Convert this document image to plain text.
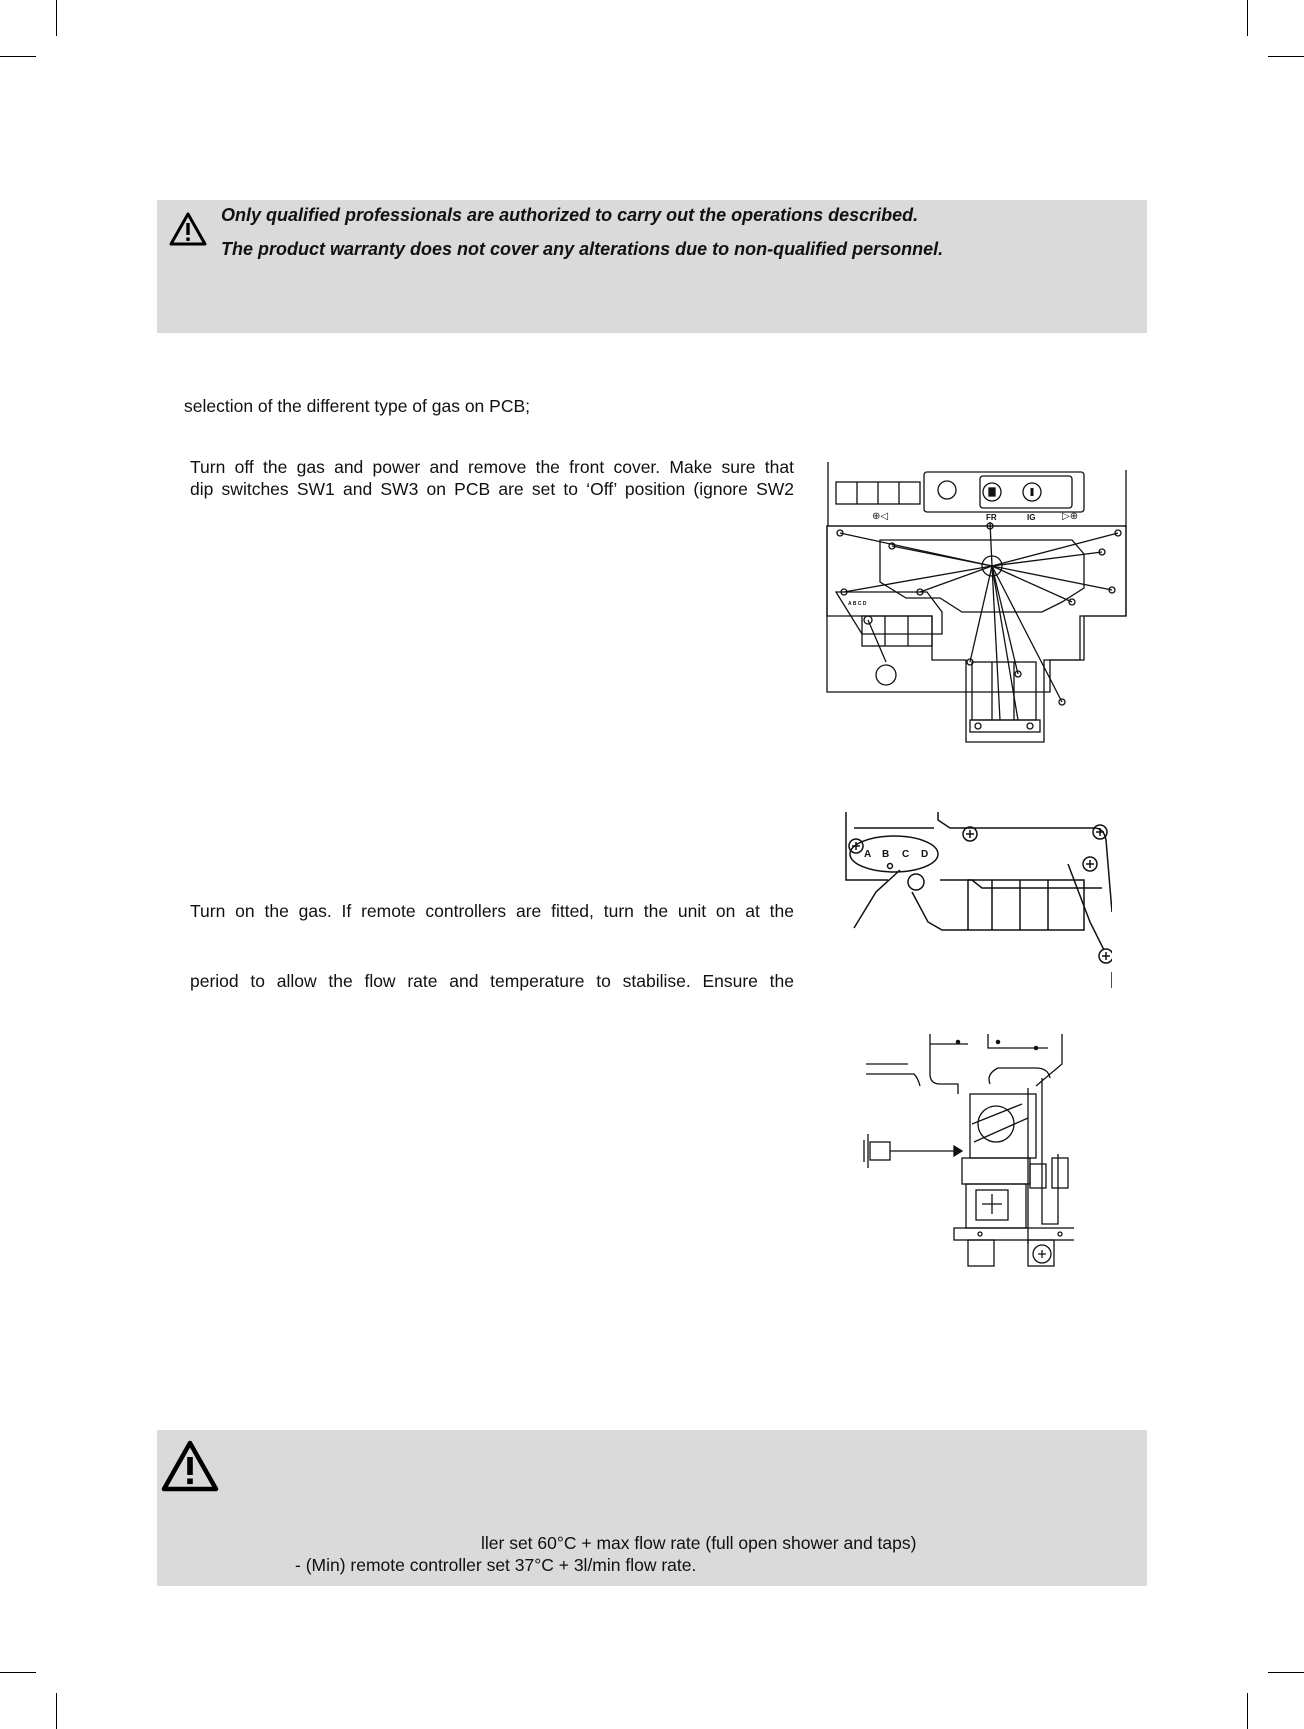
Only qualified professionals are authorized to carry out the operations described.
The product warranty does not cover any alterations due to non-qualified personnel.
selection of the different type of gas on PCB;
Turn off the gas and power and remove the front cover. Make sure that
dip switches SW1 and SW3 on PCB are set to ‘Off’ position (ignore SW2
Turn on the gas. If remote controllers are fitted, turn the unit on at the
period to allow the flow rate and temperature to stabilise. Ensure the
FR	IG
⊕◁	▷⊕
A B C D
A B C D
ller set 60°C + max flow rate (full open shower and taps)
- (Min) remote controller set 37°C + 3l/min flow rate.
